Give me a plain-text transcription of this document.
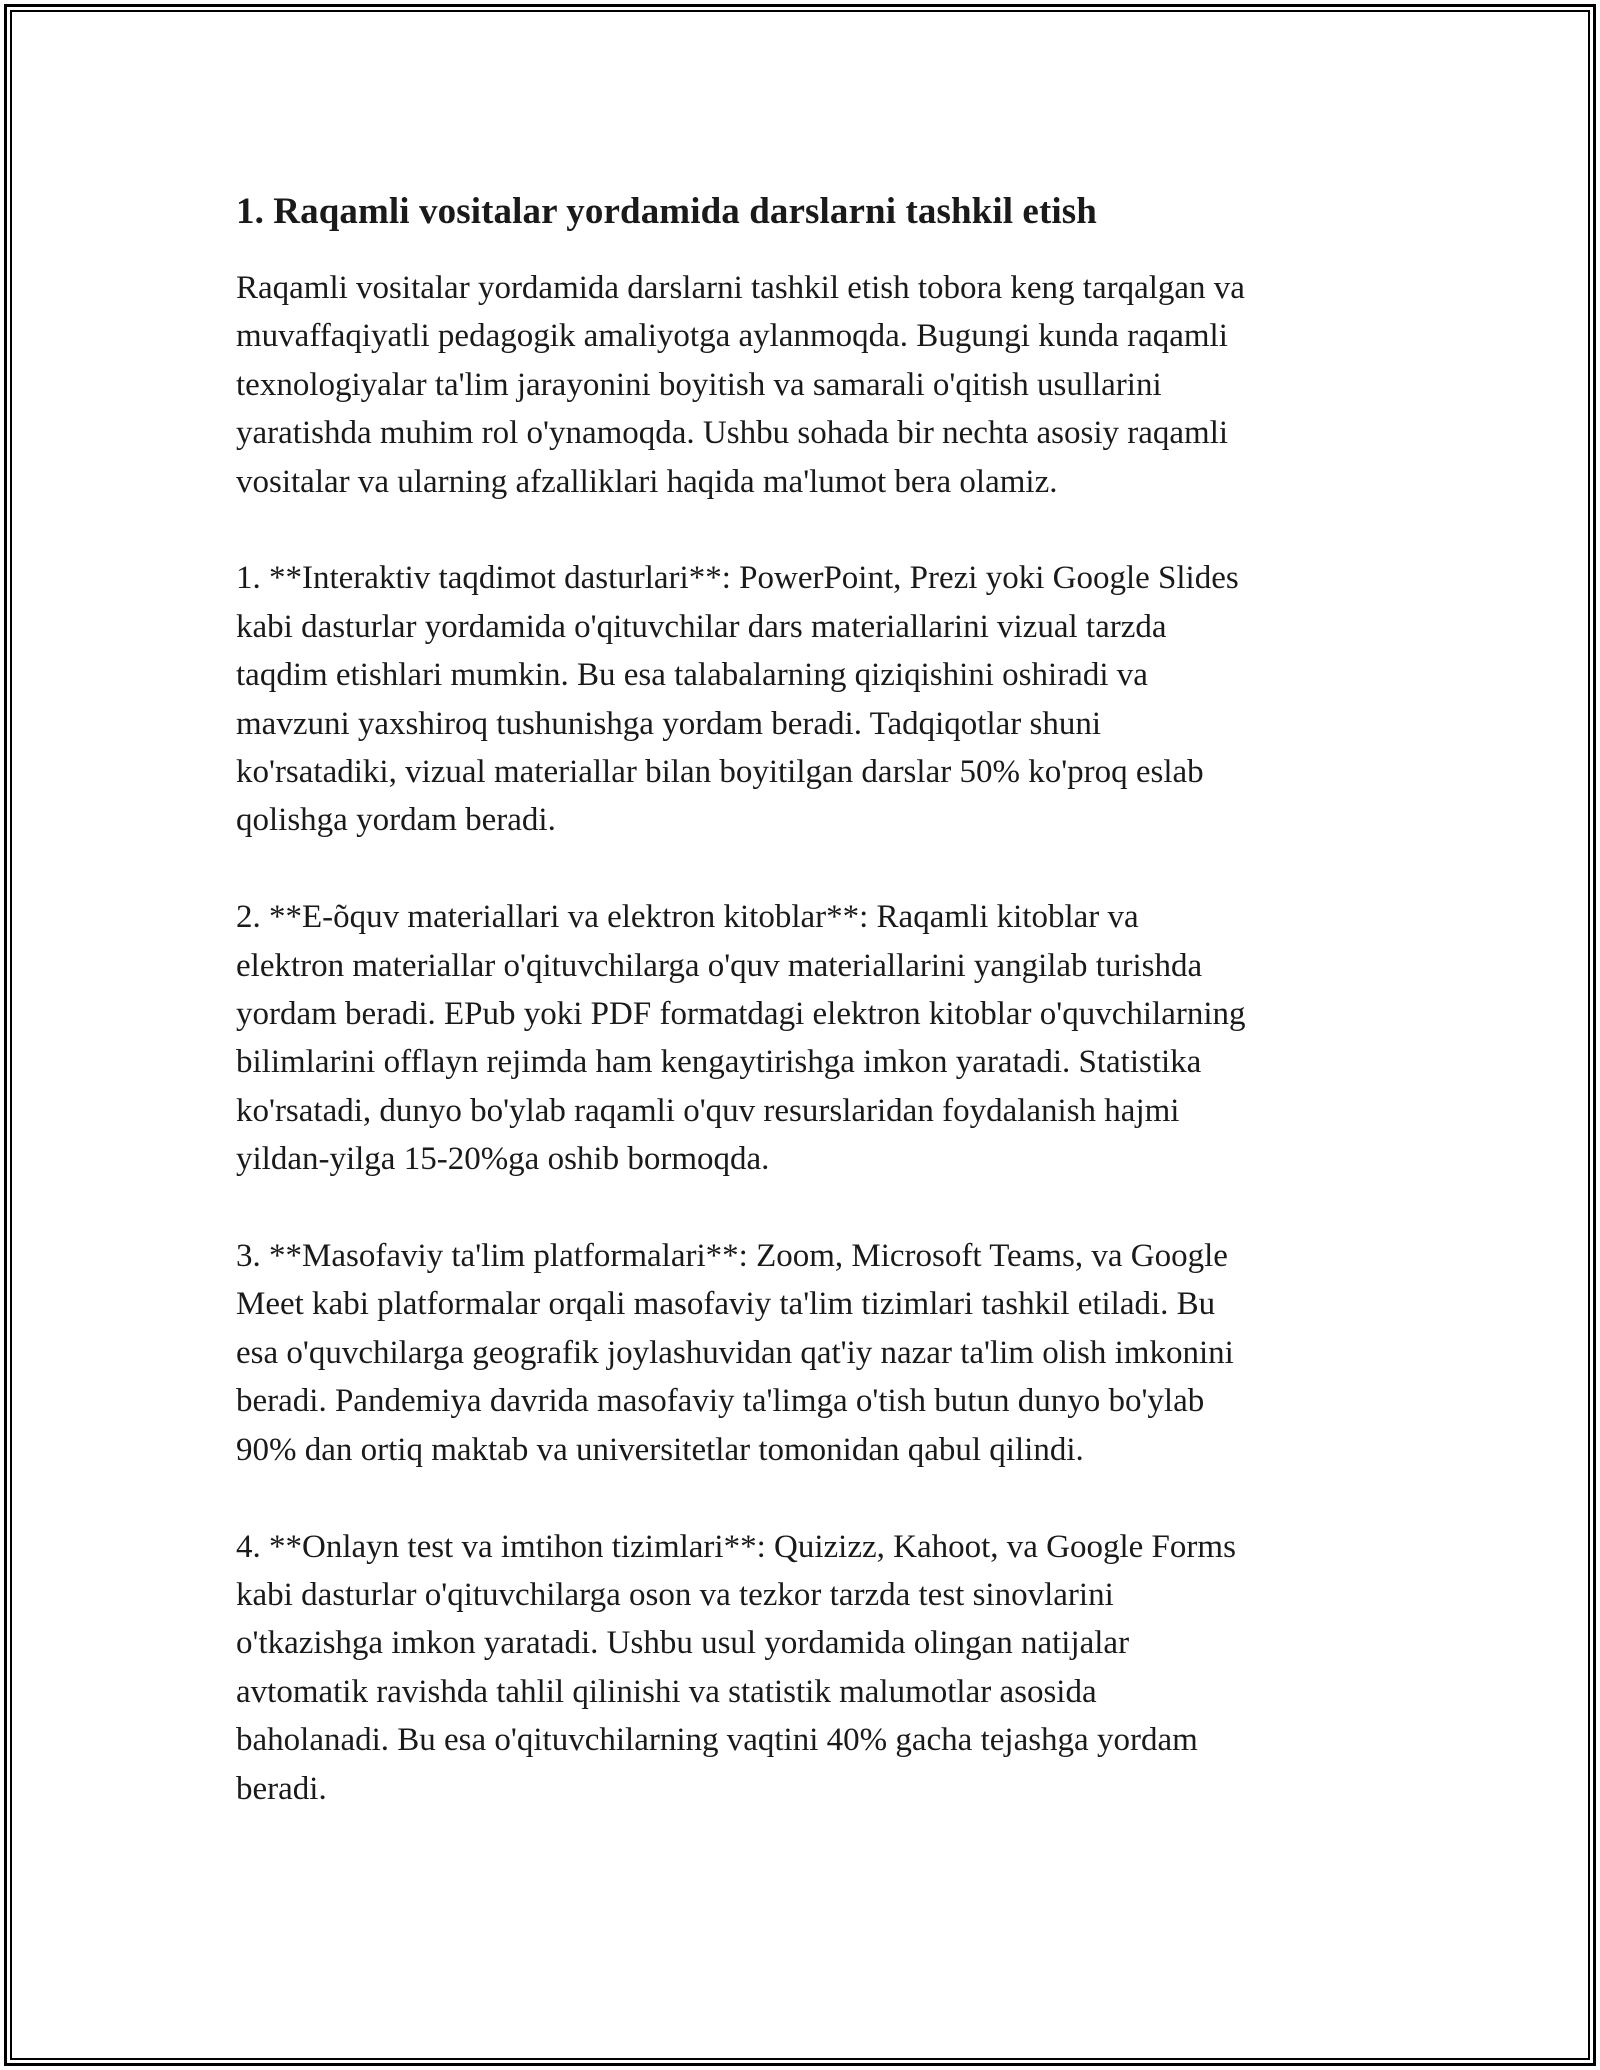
1. Raqamli vositalar yordamida darslarni tashkil etish

Raqamli vositalar yordamida darslarni tashkil etish tobora keng tarqalgan va
muvaffaqiyatli pedagogik amaliyotga aylanmoqda. Bugungi kunda raqamli
texnologiyalar ta'lim jarayonini boyitish va samarali o'qitish usullarini
yaratishda muhim rol o'ynamoqda. Ushbu sohada bir nechta asosiy raqamli
vositalar va ularning afzalliklari haqida ma'lumot bera olamiz.

1. **Interaktiv taqdimot dasturlari**: PowerPoint, Prezi yoki Google Slides
kabi dasturlar yordamida o'qituvchilar dars materiallarini vizual tarzda
taqdim etishlari mumkin. Bu esa talabalarning qiziqishini oshiradi va
mavzuni yaxshiroq tushunishga yordam beradi. Tadqiqotlar shuni
ko'rsatadiki, vizual materiallar bilan boyitilgan darslar 50% ko'proq eslab
qolishga yordam beradi.

2. **E-õquv materiallari va elektron kitoblar**: Raqamli kitoblar va
elektron materiallar o'qituvchilarga o'quv materiallarini yangilab turishda
yordam beradi. EPub yoki PDF formatdagi elektron kitoblar o'quvchilarning
bilimlarini offlayn rejimda ham kengaytirishga imkon yaratadi. Statistika
ko'rsatadi, dunyo bo'ylab raqamli o'quv resurslaridan foydalanish hajmi
yildan-yilga 15-20%ga oshib bormoqda.

3. **Masofaviy ta'lim platformalari**: Zoom, Microsoft Teams, va Google
Meet kabi platformalar orqali masofaviy ta'lim tizimlari tashkil etiladi. Bu
esa o'quvchilarga geografik joylashuvidan qat'iy nazar ta'lim olish imkonini
beradi. Pandemiya davrida masofaviy ta'limga o'tish butun dunyo bo'ylab
90% dan ortiq maktab va universitetlar tomonidan qabul qilindi.

4. **Onlayn test va imtihon tizimlari**: Quizizz, Kahoot, va Google Forms
kabi dasturlar o'qituvchilarga oson va tezkor tarzda test sinovlarini
o'tkazishga imkon yaratadi. Ushbu usul yordamida olingan natijalar
avtomatik ravishda tahlil qilinishi va statistik malumotlar asosida
baholanadi. Bu esa o'qituvchilarning vaqtini 40% gacha tejashga yordam
beradi.
